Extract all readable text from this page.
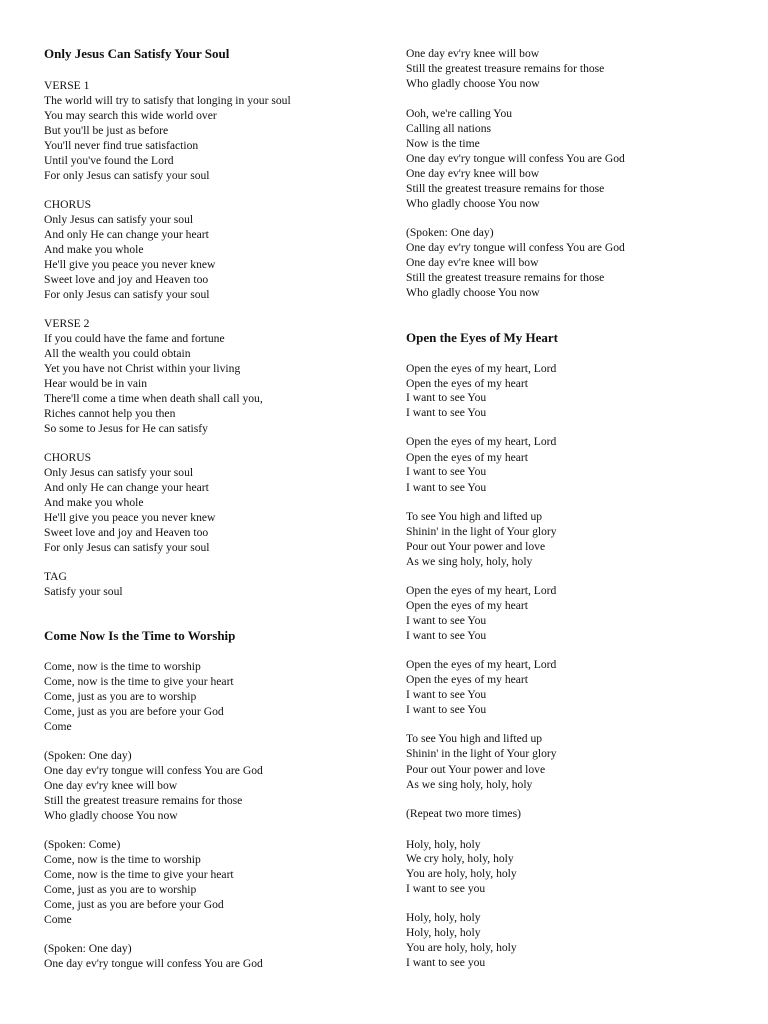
Only Jesus Can Satisfy Your Soul
VERSE 1
The world will try to satisfy that longing in your soul
You may search this wide world over
But you'll be just as before
You'll never find true satisfaction
Until you've found the Lord
For only Jesus can satisfy your soul
CHORUS
Only Jesus can satisfy your soul
And only He can change your heart
And make you whole
He'll give you peace you never knew
Sweet love and joy and Heaven too
For only Jesus can satisfy your soul
VERSE 2
If you could have the fame and fortune
All the wealth you could obtain
Yet you have not Christ within your living
Hear would be in vain
There'll come a time when death shall call you,
Riches cannot help you then
So some to Jesus for He can satisfy
CHORUS
Only Jesus can satisfy your soul
And only He can change your heart
And make you whole
He'll give you peace you never knew
Sweet love and joy and Heaven too
For only Jesus can satisfy your soul
TAG
Satisfy your soul
Come Now Is the Time to Worship
Come, now is the time to worship
Come, now is the time to give your heart
Come, just as you are to worship
Come, just as you are before your God
Come
(Spoken: One day)
One day ev'ry tongue will confess You are God
One day ev'ry knee will bow
Still the greatest treasure remains for those
Who gladly choose You now
(Spoken: Come)
Come, now is the time to worship
Come, now is the time to give your heart
Come, just as you are to worship
Come, just as you are before your God
Come
(Spoken: One day)
One day ev'ry tongue will confess You are God
One day ev'ry knee will bow
Still the greatest treasure remains for those
Who gladly choose You now
Ooh, we're calling You
Calling all nations
Now is the time
One day ev'ry tongue will confess You are God
One day ev'ry knee will bow
Still the greatest treasure remains for those
Who gladly choose You now
(Spoken: One day)
One day ev'ry tongue will confess You are God
One day ev're knee will bow
Still the greatest treasure remains for those
Who gladly choose You now
Open the Eyes of My Heart
Open the eyes of my heart, Lord
Open the eyes of my heart
I want to see You
I want to see You
Open the eyes of my heart, Lord
Open the eyes of my heart
I want to see You
I want to see You
To see You high and lifted up
Shinin' in the light of Your glory
Pour out Your power and love
As we sing holy, holy, holy
Open the eyes of my heart, Lord
Open the eyes of my heart
I want to see You
I want to see You
Open the eyes of my heart, Lord
Open the eyes of my heart
I want to see You
I want to see You
To see You high and lifted up
Shinin' in the light of Your glory
Pour out Your power and love
As we sing holy, holy, holy
(Repeat two more times)
Holy, holy, holy
We cry holy, holy, holy
You are holy, holy, holy
I want to see you
Holy, holy, holy
Holy, holy, holy
You are holy, holy, holy
I want to see you
